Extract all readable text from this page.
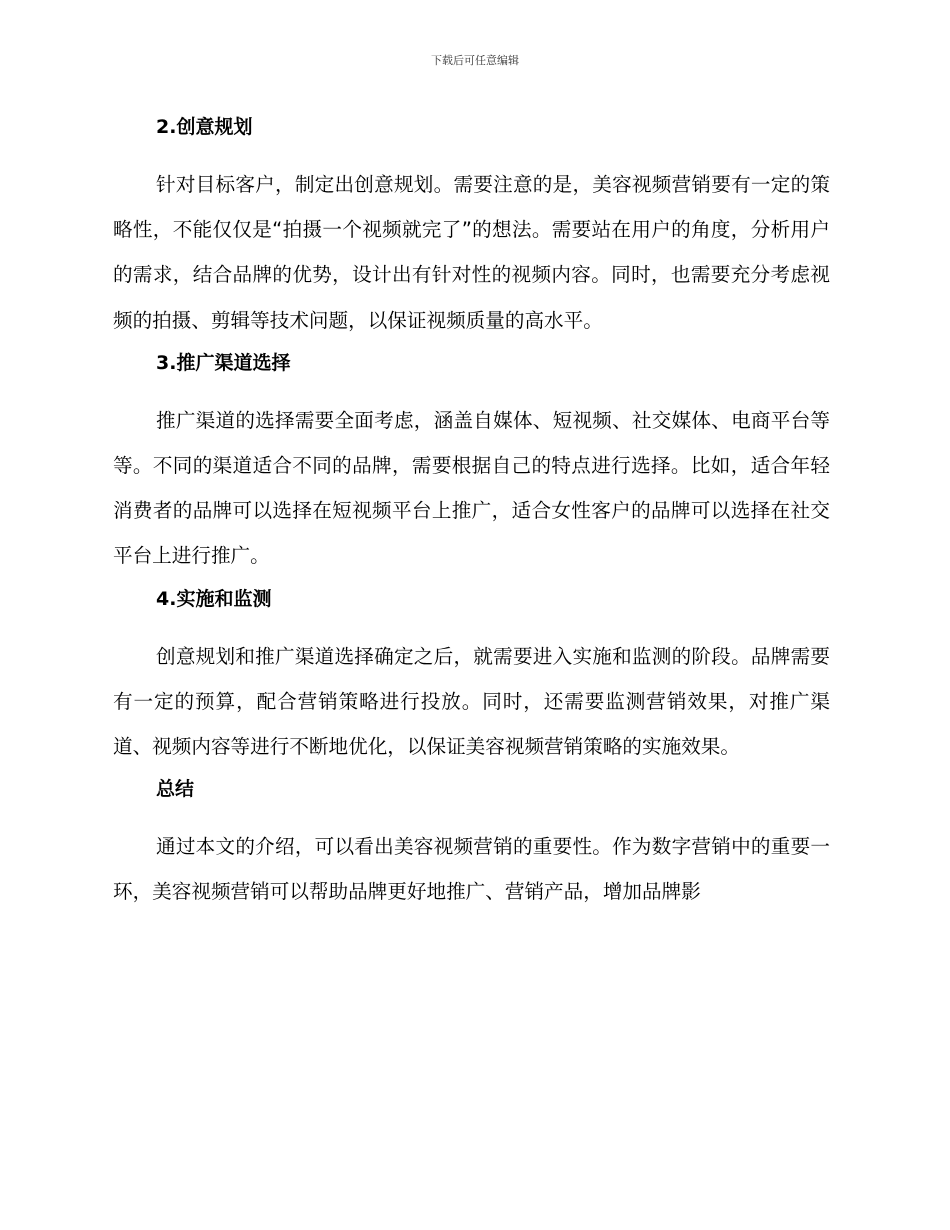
下载后可任意编辑
2.创意规划

针对目标客户，制定出创意规划。需要注意的是，美容视频营销要有一定的策略性，不能仅仅是“拍摄一个视频就完了”的想法。需要站在用户的角度，分析用户的需求，结合品牌的优势，设计出有针对性的视频内容。同时，也需要充分考虑视频的拍摄、剪辑等技术问题，以保证视频质量的高水平。

3.推广渠道选择

推广渠道的选择需要全面考虑，涵盖自媒体、短视频、社交媒体、电商平台等等。不同的渠道适合不同的品牌，需要根据自己的特点进行选择。比如，适合年轻消费者的品牌可以选择在短视频平台上推广，适合女性客户的品牌可以选择在社交平台上进行推广。

4.实施和监测

创意规划和推广渠道选择确定之后，就需要进入实施和监测的阶段。品牌需要有一定的预算，配合营销策略进行投放。同时，还需要监测营销效果，对推广渠道、视频内容等进行不断地优化，以保证美容视频营销策略的实施效果。

总结

通过本文的介绍，可以看出美容视频营销的重要性。作为数字营销中的重要一环，美容视频营销可以帮助品牌更好地推广、营销产品，增加品牌影
